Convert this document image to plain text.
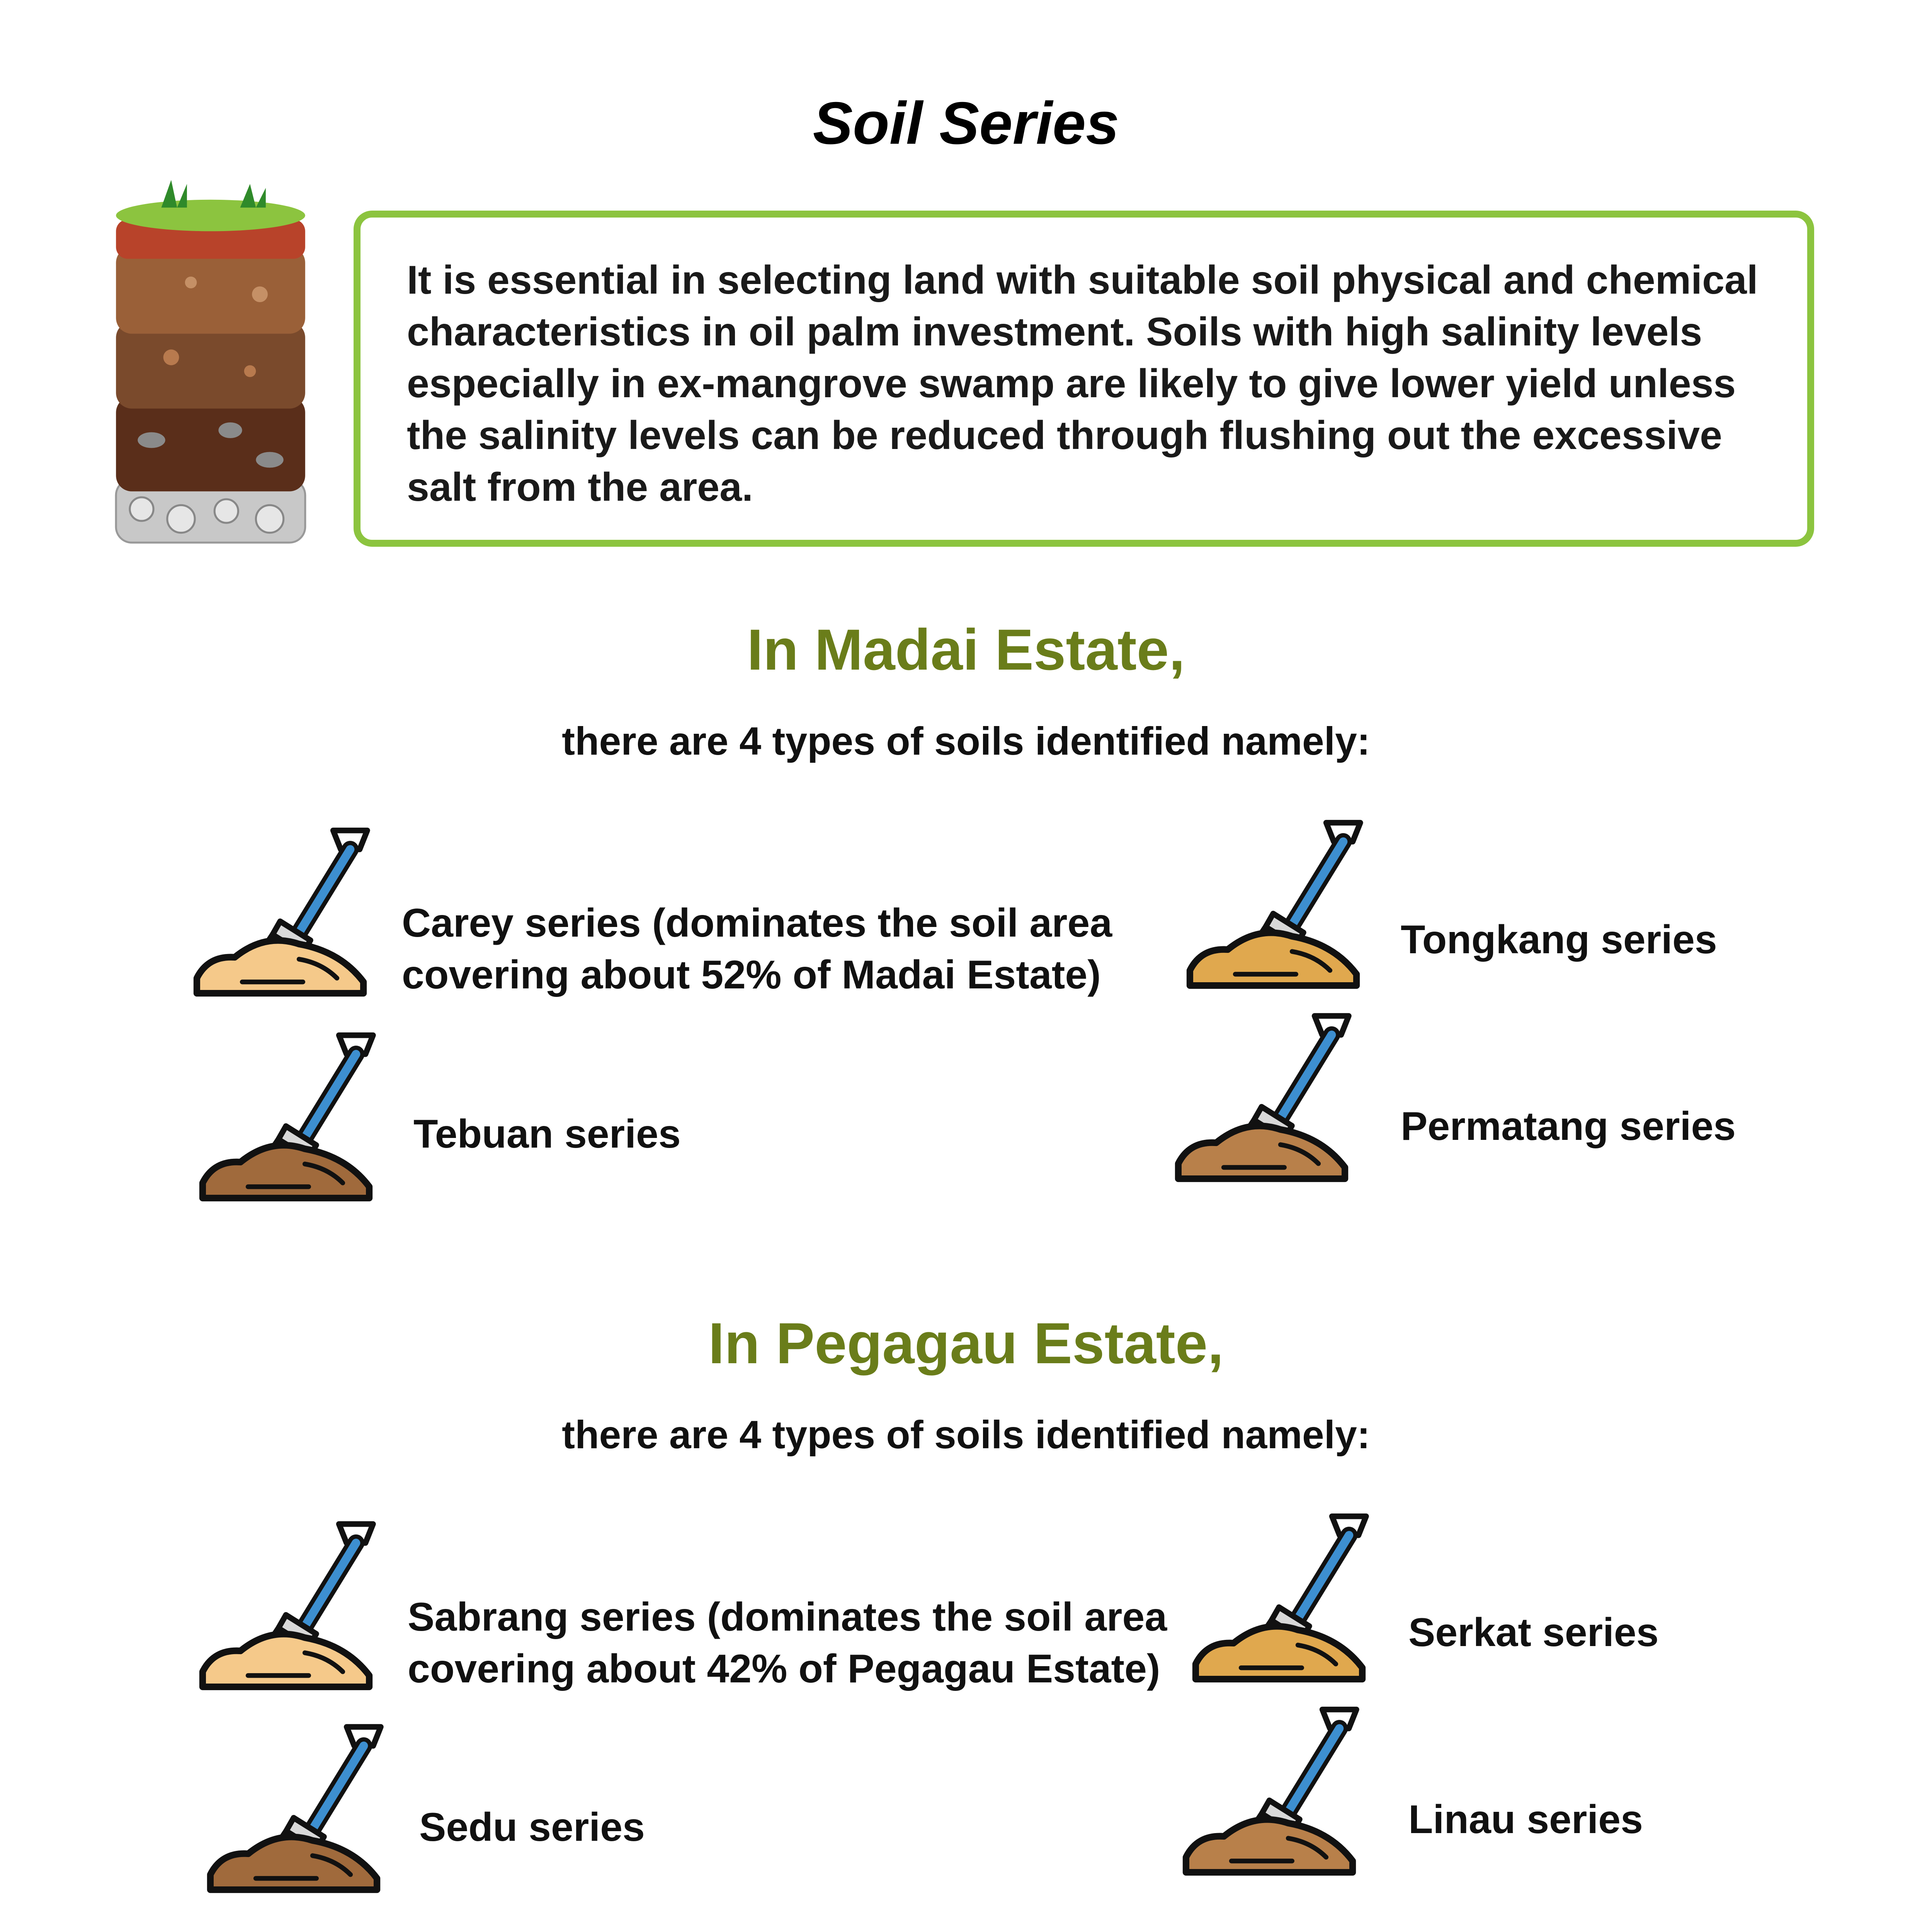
Soil Series
It is essential in selecting land with suitable soil physical and chemical characteristics in oil palm investment. Soils with high salinity levels especially in ex-mangrove swamp are likely to give lower yield unless the salinity levels can be reduced through flushing out the excessive salt from the area.
In Madai Estate,
there are 4 types of soils identified namely:
Carey series (dominates the soil area
covering about 52% of Madai Estate)
Tongkang series
Tebuan series	Permatang series
In Pegagau Estate,
there are 4 types of soils identified namely:
Sabrang series (dominates the soil area
covering about 42% of Pegagau Estate)
Serkat series
Sedu series	Linau series
